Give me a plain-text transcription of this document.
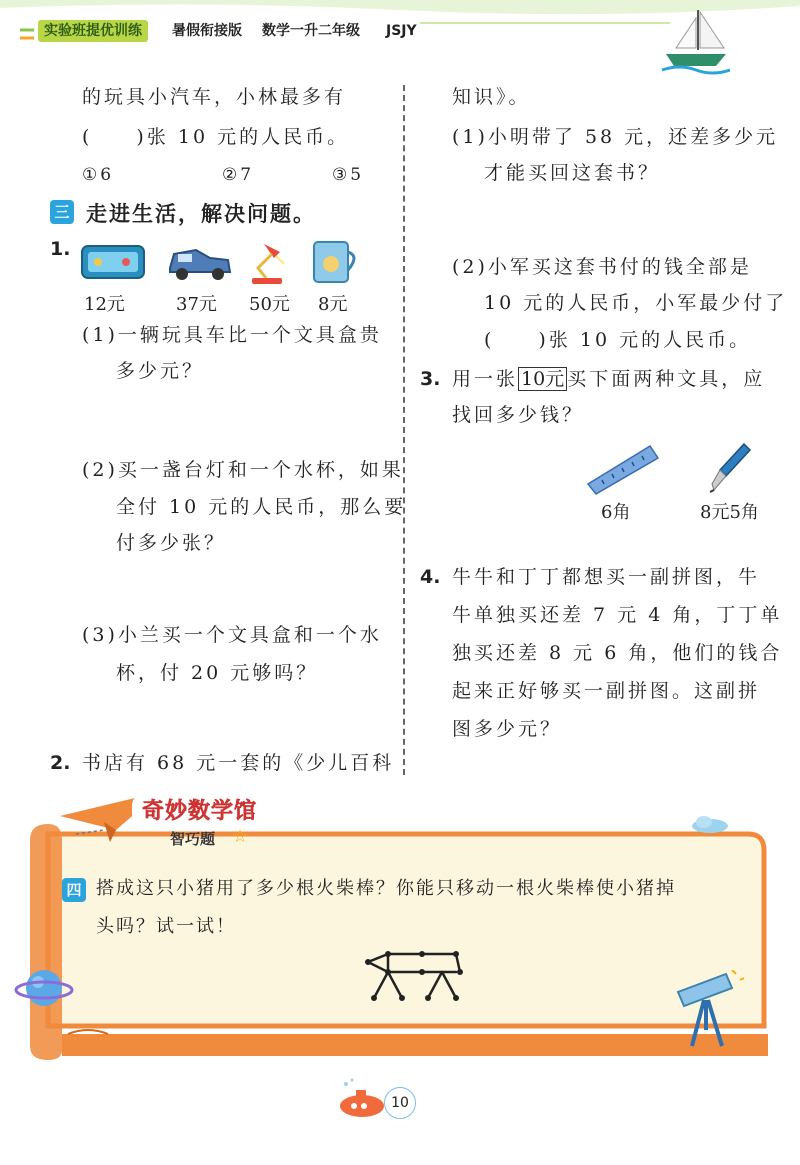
实验班提优训练	暑假衔接版 数学一升二年级 JSJY
的玩具小汽车，小林最多有
(　　)张 10 元的人民币。
①6	②7	③5
三 走进生活，解决问题。
1.
12元	37元 50元 8元
(1)一辆玩具车比一个文具盒贵
多少元？
(2)买一盏台灯和一个水杯，如果
全付 10 元的人民币，那么要
付多少张？
(3)小兰买一个文具盒和一个水
杯，付 20 元够吗？
2. 书店有 68 元一套的《少儿百科
知识》。
(1)小明带了 58 元，还差多少元
才能买回这套书？
(2)小军买这套书付的钱全部是
10 元的人民币，小军最少付了
(　　)张 10 元的人民币。
3. 用一张 10元 买下面两种文具，应
找回多少钱？
6角	8元5角
4. 牛牛和丁丁都想买一副拼图，牛
牛单独买还差 7 元 4 角，丁丁单
独买还差 8 元 6 角，他们的钱合
起来正好够买一副拼图。这副拼
图多少元？
奇妙数学馆
智巧题 ☆
四 搭成这只小猪用了多少根火柴棒？你能只移动一根火柴棒使小猪掉
头吗？试一试！
10
